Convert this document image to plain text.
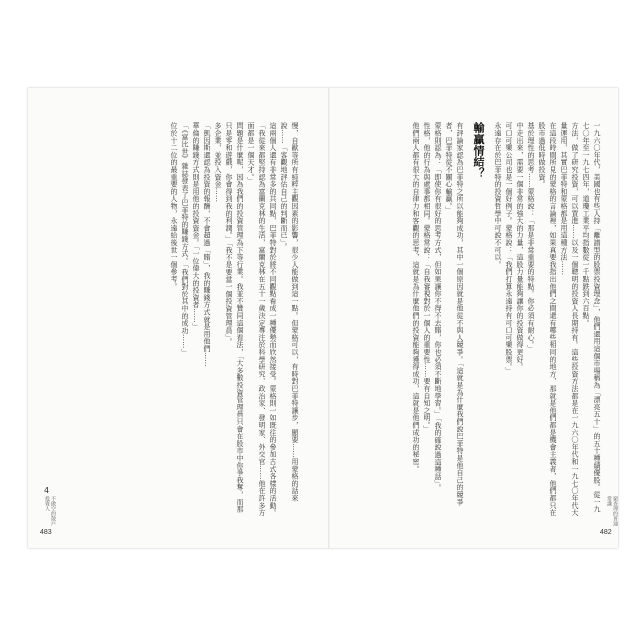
慢，自歐等所有純粹主觀因素的影響，很少人能做到這一點。但蒙格可以，有時對巴菲特讓步，顯要……用蒙格的話來說……「客觀地評估自己的判斷而已」。

這兩個人還有非常多的共同點，巴菲特對於將不同觀點看成一種優勢而欣然接受。蒙格則一如既往的參加古式各樣的活動。「我從來都堅持認為富蘭克林的生活，富蘭克林在五十一歲決定專注於科學研究、政治家、發明家、外交官……他在許多方面都是一個天才。」

問題是什麼呢，因為我們的投資管理為下等行業。我並不贊同這個看法，「大多數投資管理員只會在股市中你爭我奪，而那只是零和遊戲，你會得到我的利潤。」「我不是要當一個投資管理員」。

多企業，並投入資金……

「凱因斯還認為投資的報酬，不會超過「賭」，我的賺錢方式就是用他們……

華倫的賺錢方式則是用他的投資資金。「一位偉大的投資者……」

「《富比世》雜誌發表了巴菲特的賺錢方式。「我們對於其中的成功……」

位於十二位的最重要的人物，永遠給後世一個參考。

4
不做空的散戶投資人
483

一九六〇年代，美國也有些人持「離譜型的股票投資理念」，他們還用這個市場稱為「漂亮五十」的五十種績優股。從一九七〇年至一九七四年，道瓊工業平均指數從一千點跌到六百點。

方法，做了研究投資，可以買進……以及一個聰明的投資人長期持有。這些投資方法都是在一九六〇年代和一九七〇年代大量運用，其實巴菲特和蒙格都是用這種方法……

在這段時間所見的蒙格的言論裡，如果真要我指出他們之間還有哪些相同的地方，那就是他們都是機會主義者，他們都只在股市過低時做投資。

基於理性的思考……蒙格說：「那是非常重要的特點。你必須有耐心。」

中走出來，需要一個非常的強大的力量，這股力量能夠讓你的投資做得更好。

可口可樂公司也是一個好例子。蒙格說：「我們打算永遠持有可口可樂股票。」

永遠存在於巴菲特的投資哲學中可說不可以。

輸贏情結？

有評論家認為巴菲特之所以能夠成功，其中一個原因就是他從不與人競爭。「這就是為什麼我們說巴菲特是他自己的競爭者，巴菲特從不關心輸贏。」

蒙格則認為：「即使你有很好的思考方式，但如果讓你不得不去賭，你也必須不斷地學習。」「我的確說過這種話」。

性格，他的行為與處事都相同。蒙格常說：「自我審視對於一個人的重要性……要有自知之明。」

他們兩人都有很大的自律力和客觀的思考，這就是為什麼他們的投資能夠獲得成功，這就是他們成功的秘密。

窮查理的普通常識
482
